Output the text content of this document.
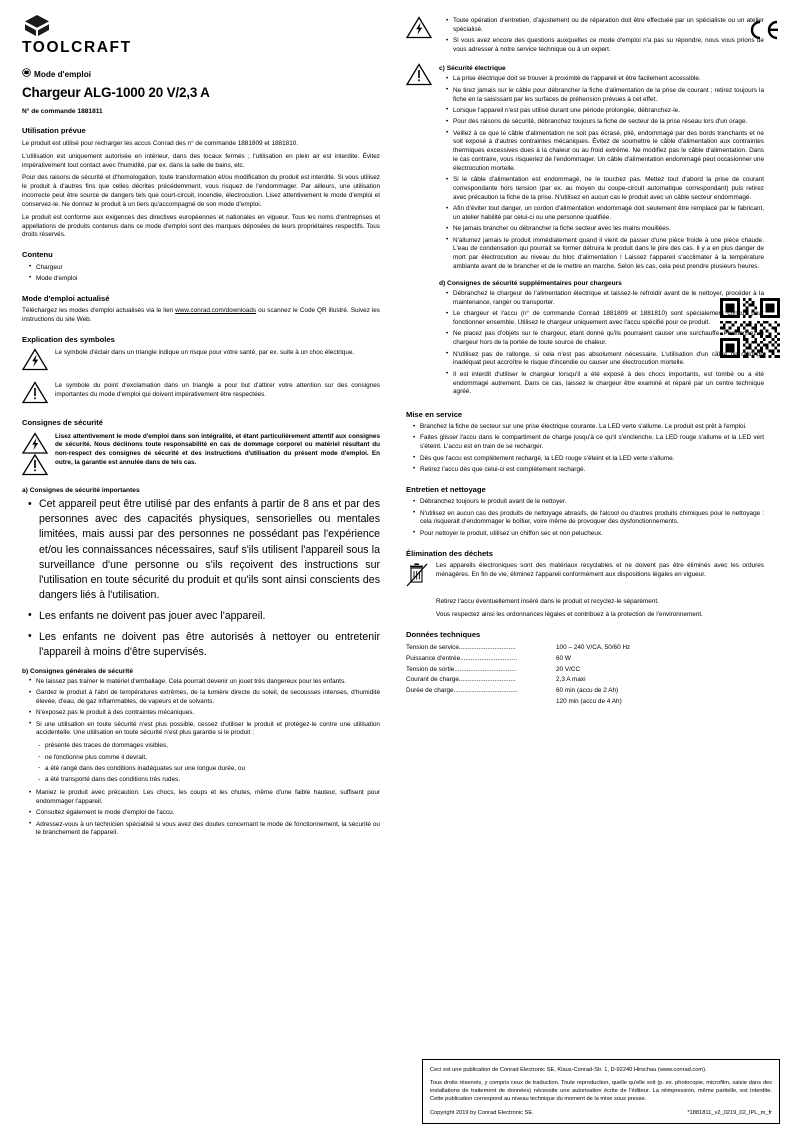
TOOLCRAFT
Mode d'emploi
Chargeur ALG-1000 20 V/2,3 A
N° de commande 1881811
Utilisation prévue

Le produit est utilisé pour recharger les accus Conrad des n° de commande 1881809 et 1881810.

L'utilisation est uniquement autorisée en intérieur, dans des locaux fermés ; l'utilisation en plein air est interdite. Évitez impérativement tout contact avec l'humidité, par ex. dans la salle de bains, etc.

Pour des raisons de sécurité et d'homologation, toute transformation et/ou modification du produit est interdite. Si vous utilisez le produit à d'autres fins que celles décrites précédemment, vous risquez de l'endommager. Par ailleurs, une utilisation incorrecte peut être source de dangers tels que court-circuit, incendie, électrocution. Lisez attentivement le mode d'emploi et conservez-le. Ne donnez le produit à un tiers qu'accompagné de son mode d'emploi.

Le produit est conforme aux exigences des directives européennes et nationales en vigueur. Tous les noms d'entreprises et appellations de produits contenus dans ce mode d'emploi sont des marques déposées de leurs propriétaires respectifs. Tous droits réservés.

Contenu
• Chargeur
• Mode d'emploi
Mode d'emploi actualisé

Téléchargez les modes d'emploi actualisés via le lien www.conrad.com/downloads ou scannez le Code QR illustré. Suivez les instructions du site Web.

Explication des symboles
Le symbole d'éclair dans un triangle indique un risque pour votre santé, par ex. suite à un choc électrique.
Le symbole du point d'exclamation dans un triangle a pour but d'attirer votre attention sur des consignes importantes du mode d'emploi qui doivent impérativement être respectées.
Consignes de sécurité
Lisez attentivement le mode d'emploi dans son intégralité, et étant particulièrement attentif aux consignes de sécurité. Nous déclinons toute responsabilité en cas de dommage corporel ou matériel résultant du non-respect des consignes de sécurité et des instructions d'utilisation du présent mode d'emploi. En outre, la garantie est annulée dans de tels cas.
a) Consignes de sécurité importantes
• Cet appareil peut être utilisé par des enfants à partir de 8 ans et par des personnes avec des capacités physiques, sensorielles ou mentales limitées, mais aussi par des personnes ne possédant pas l'expérience et/ou les connaissances nécessaires, sauf s'ils utilisent l'appareil sous la surveillance d'une personne ou s'ils reçoivent des instructions sur l'utilisation en toute sécurité du produit et qu'ils sont ainsi conscients des dangers liés à l'utilisation.
• Les enfants ne doivent pas jouer avec l'appareil.
• Les enfants ne doivent pas être autorisés à nettoyer ou entretenir l'appareil à moins d'être supervisés.
b) Consignes générales de sécurité
• Ne laissez pas traîner le matériel d'emballage. Cela pourrait devenir un jouet très dangereux pour les enfants.
• Gardez le produit à l'abri de températures extrêmes, de la lumière directe du soleil, de secousses intenses, d'humidité élevée, d'eau, de gaz inflammables, de vapeurs et de solvants.
• N'exposez pas le produit à des contraintes mécaniques.
• Si une utilisation en toute sécurité n'est plus possible, cessez d'utiliser le produit et protégez-le contre une utilisation accidentelle. Une utilisation en toute sécurité n'est plus garantie si le produit :
- présente des traces de dommages visibles,
- ne fonctionne plus comme il devrait,
- a été rangé dans des conditions inadéquates sur une longue durée, ou
- a été transporté dans des conditions très rudes.
• Maniez le produit avec précaution. Les chocs, les coups et les chutes, même d'une faible hauteur, suffisent pour endommager l'appareil.
• Consultez également le mode d'emploi de l'accu.
• Adressez-vous à un technicien spécialisé si vous avez des doutes concernant le mode de fonctionnement, la sécurité ou le branchement de l'appareil.
• Toute opération d'entretien, d'ajustement ou de réparation doit être effectuée par un spécialiste ou un atelier spécialisé.
• Si vous avez encore des questions auxquelles ce mode d'emploi n'a pas su répondre, nous vous prions de vous adresser à notre service technique ou à un expert.
c) Sécurité électrique
• La prise électrique doit se trouver à proximité de l'appareil et être facilement accessible.
• Ne tirez jamais sur le câble pour débrancher la fiche d'alimentation de la prise de courant ; retirez toujours la fiche en la saisissant par les surfaces de préhension prévues à cet effet.
• Lorsque l'appareil n'est pas utilisé durant une période prolongée, débranchez-le.
• Pour des raisons de sécurité, débranchez toujours la fiche de secteur de la prise réseau lors d'un orage.
• Veillez à ce que le câble d'alimentation ne soit pas écrasé, plié, endommagé par des bords tranchants et ne soit exposé à d'autres contraintes mécaniques. Évitez de soumettre le câble d'alimentation aux contraintes thermiques excessives dues à la chaleur ou au froid extrême. Ne modifiez pas le câble d'alimentation. Dans le cas contraire, vous risqueriez de l'endommager. Un câble d'alimentation endommagé peut occasionner une électrocution mortelle.
• Si le câble d'alimentation est endommagé, ne le touchez pas. Mettez tout d'abord la prise de courant correspondante hors tension (par ex. au moyen du coupe-circuit automatique correspondant) puis retirez avec précaution la fiche de la prise. N'utilisez en aucun cas le produit avec un câble secteur endommagé.
• Afin d'éviter tout danger, un cordon d'alimentation endommagé doit seulement être remplacé par le fabricant, un atelier habilité par celui-ci ou une personne qualifiée.
• Ne jamais brancher ou débrancher la fiche secteur avec les mains mouillées.
• N'allumez jamais le produit immédiatement quand il vient de passer d'une pièce froide à une pièce chaude. L'eau de condensation qui pourrait se former détruira le produit dans le pire des cas. Il y a en plus danger de mort par électrocution au niveau du bloc d'alimentation ! Laissez l'appareil s'acclimater à la température ambiante avant de le brancher et de le mettre en marche. Selon les cas, cela peut prendre plusieurs heures.
d) Consignes de sécurité supplémentaires pour chargeurs
• Débranchez le chargeur de l'alimentation électrique et laissez-le refroidir avant de le nettoyer, procéder à la maintenance, ranger ou transporter.
• Le chargeur et l'accu (n° de commande Conrad 1881809 et 1881810) sont spécialement conçus pour fonctionner ensemble. Utilisez le chargeur uniquement avec l'accu spécifié pour ce produit.
• Ne placez pas d'objets sur le chargeur, étant donné qu'ils pourraient causer une surchauffe. Positionnez le chargeur hors de la portée de toute source de chaleur.
• N'utilisez pas de rallonge, si cela n'est pas absolument nécessaire. L'utilisation d'un câble de rallonge inadéquat peut accroître le risque d'incendie ou causer une électrocution mortelle.
• Il est interdit d'utiliser le chargeur lorsqu'il a été exposé à des chocs importants, est tombé ou a été endommagé autrement. Dans ce cas, laissez le chargeur être examiné et réparé par un centre technique agréé.
Mise en service
• Branchez la fiche de secteur sur une prise électrique courante. La LED verte s'allume. Le produit est prêt à l'emploi.
• Faites glisser l'accu dans le compartiment de charge jusqu'à ce qu'il s'enclenche. La LED rouge s'allume et la LED vert s'éteint. L'accu est en train de se recharger.
• Dès que l'accu est complètement rechargé, la LED rouge s'éteint et la LED verte s'allume.
• Retirez l'accu dès que celui-ci est complètement rechargé.
Entretien et nettoyage
• Débranchez toujours le produit avant de le nettoyer.
• N'utilisez en aucun cas des produits de nettoyage abrasifs, de l'alcool ou d'autres produits chimiques pour le nettoyage : cela risquerait d'endommager le boîtier, voire même de provoquer des dysfonctionnements.
• Pour nettoyer le produit, utilisez un chiffon sec et non pelucheux.
Élimination des déchets
Les appareils électroniques sont des matériaux recyclables et ne doivent pas être éliminés avec les ordures ménagères. En fin de vie, éliminez l'appareil conformément aux dispositions légales en vigueur.

Retirez l'accu éventuellement inséré dans le produit et recyclez-le séparément.

Vous respectez ainsi les ordonnances légales et contribuez à la protection de l'environnement.

Données techniques
Tension de service................................	100 – 240 V/CA, 50/60 Hz
Puissance d'entrée................................	60 W
Tension de sortie...................................	20 V/CC
Courant de charge................................	2,3 A maxi
Durée de charge....................................	60 min (accu de 2 Ah)
	120 min (accu de 4 Ah)

Ceci est une publication de Conrad Electronic SE, Klaus-Conrad-Str. 1, D-92240 Hirschau (www.conrad.com).

Tous droits réservés, y compris ceux de traduction. Toute reproduction, quelle qu'elle soit (p. ex. photocopie, microfilm, saisie dans des installations de traitement de données) nécessite une autorisation écrite de l'éditeur. La réimpression, même partielle, est interdite. Cette publication correspond au niveau technique du moment de la mise sous presse.

*1881811_v2_0219_02_IPL_m_fr
Copyright 2019 by Conrad Electronic SE.
